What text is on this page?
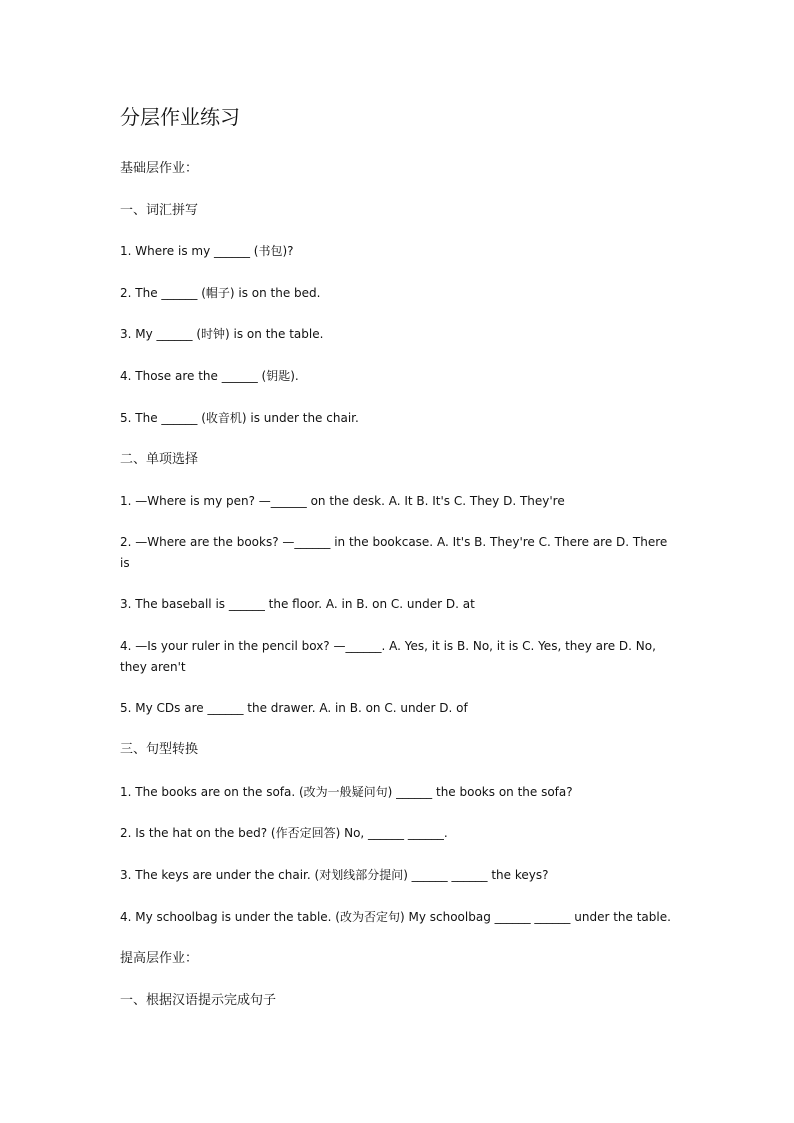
分层作业练习
基础层作业：
一、词汇拼写
1. Where is my ______ (书包)?
2. The ______ (帽子) is on the bed.
3. My ______ (时钟) is on the table.
4. Those are the ______ (钥匙).
5. The ______ (收音机) is under the chair.
二、单项选择
1. —Where is my pen? —______ on the desk. A. It B. It's C. They D. They're
2. —Where are the books? —______ in the bookcase. A. It's B. They're C. There are D. There is
3. The baseball is ______ the floor. A. in B. on C. under D. at
4. —Is your ruler in the pencil box? —______. A. Yes, it is B. No, it is C. Yes, they are D. No, they aren't
5. My CDs are ______ the drawer. A. in B. on C. under D. of
三、句型转换
1. The books are on the sofa. (改为一般疑问句) ______ the books on the sofa?
2. Is the hat on the bed? (作否定回答) No, ______ ______.
3. The keys are under the chair. (对划线部分提问) ______ ______ the keys?
4. My schoolbag is under the table. (改为否定句) My schoolbag ______ ______ under the table.
提高层作业：
一、根据汉语提示完成句子
